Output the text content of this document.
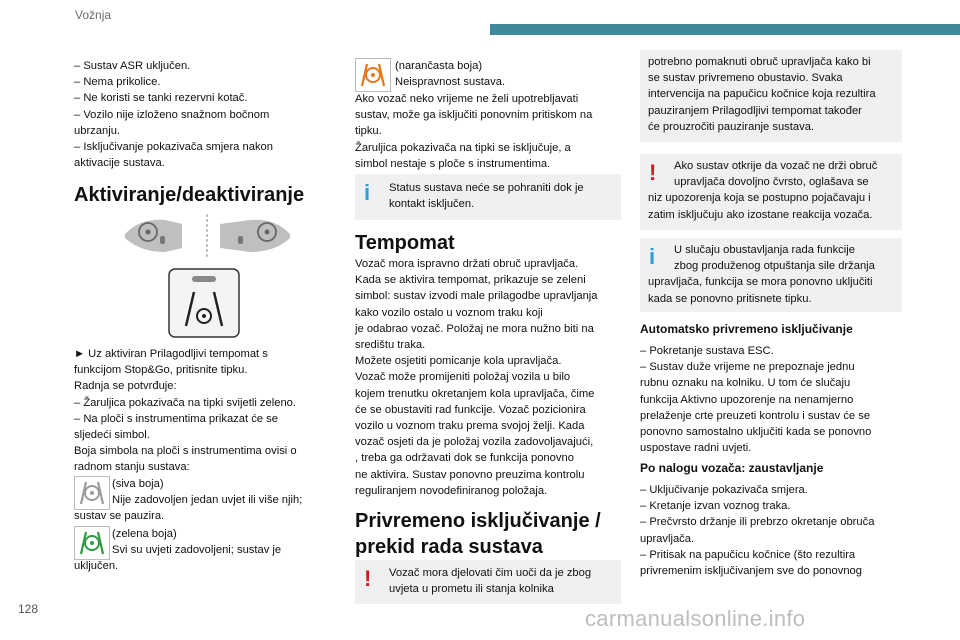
Vožnja

– Sustav ASR uključen.

– Nema prikolice.

– Ne koristi se tanki rezervni kotač.

– Vozilo nije izloženo snažnom bočnom

ubrzanju.

– Isključivanje pokazivača smjera nakon

aktivacije sustava.

Aktiviranje/deaktiviranje

► Uz aktiviran Prilagodljivi tempomat s

funkcijom Stop&Go, pritisnite tipku.

Radnja se potvrđuje:

– Žaruljica pokazivača na tipki svijetli zeleno.

– Na ploči s instrumentima prikazat će se

sljedeći simbol.

Boja simbola na ploči s instrumentima ovisi o

radnom stanju sustava:

(siva boja)

Nije zadovoljen jedan uvjet ili više njih;

sustav se pauzira.

(zelena boja)

Svi su uvjeti zadovoljeni; sustav je

uključen.

(narančasta boja)

Neispravnost sustava.

Ako vozač neko vrijeme ne želi upotrebljavati

sustav, može ga isključiti ponovnim pritiskom na

tipku.

Žaruljica pokazivača na tipki se isključuje, a

simbol nestaje s ploče s instrumentima.

i Status sustava neće se pohraniti dok je

kontakt isključen.

Tempomat

Vozač mora ispravno držati obruč upravljača.

Kada se aktivira tempomat, prikazuje se zeleni

simbol: sustav izvodi male prilagodbe upravljanja

kako vozilo ostalo u voznom traku koji

je odabrao vozač. Položaj ne mora nužno biti na

središtu traka.

Možete osjetiti pomicanje kola upravljača.

Vozač može promijeniti položaj vozila u bilo

kojem trenutku okretanjem kola upravljača, čime

će se obustaviti rad funkcije. Vozač pozicionira

vozilo u voznom traku prema svojoj želji. Kada

vozač osjeti da je položaj vozila zadovoljavajući,

, treba ga održavati dok se funkcija ponovno

ne aktivira. Sustav ponovno preuzima kontrolu

reguliranjem novodefiniranog položaja.

Privremeno isključivanje /
prekid rada sustava
! Vozač mora djelovati čim uoči da je zbog

uvjeta u prometu ili stanja kolnika

potrebno pomaknuti obruč upravljača kako bi

se sustav privremeno obustavio. Svaka

intervencija na papučicu kočnice koja rezultira

pauziranjem Prilagodljivi tempomat također

će prouzročiti pauziranje sustava.

!	Ako sustav otkrije da vozač ne drži obruč

upravljača dovoljno čvrsto, oglašava se

niz upozorenja koja se postupno pojačavaju i

zatim isključuju ako izostane reakcija vozača.

i	U slučaju obustavljanja rada funkcije

zbog produženog otpuštanja sile držanja

upravljača, funkcija se mora ponovno uključiti

kada se ponovno pritisnete tipku.

Automatsko privremeno isključivanje

– Pokretanje sustava ESC.

– Sustav duže vrijeme ne prepoznaje jednu

rubnu oznaku na kolniku. U tom će slučaju

funkcija Aktivno upozorenje na nenamjerno

prelaženje crte preuzeti kontrolu i sustav će se

ponovno samostalno uključiti kada se ponovno

uspostave radni uvjeti.

Po nalogu vozača: zaustavljanje

– Uključivanje pokazivača smjera.

– Kretanje izvan voznog traka.

– Prečvrsto držanje ili prebrzo okretanje obruča

upravljača.

– Pritisak na papučicu kočnice (što rezultira

privremenim isključivanjem sve do ponovnog

128	carmanualsonline.info
